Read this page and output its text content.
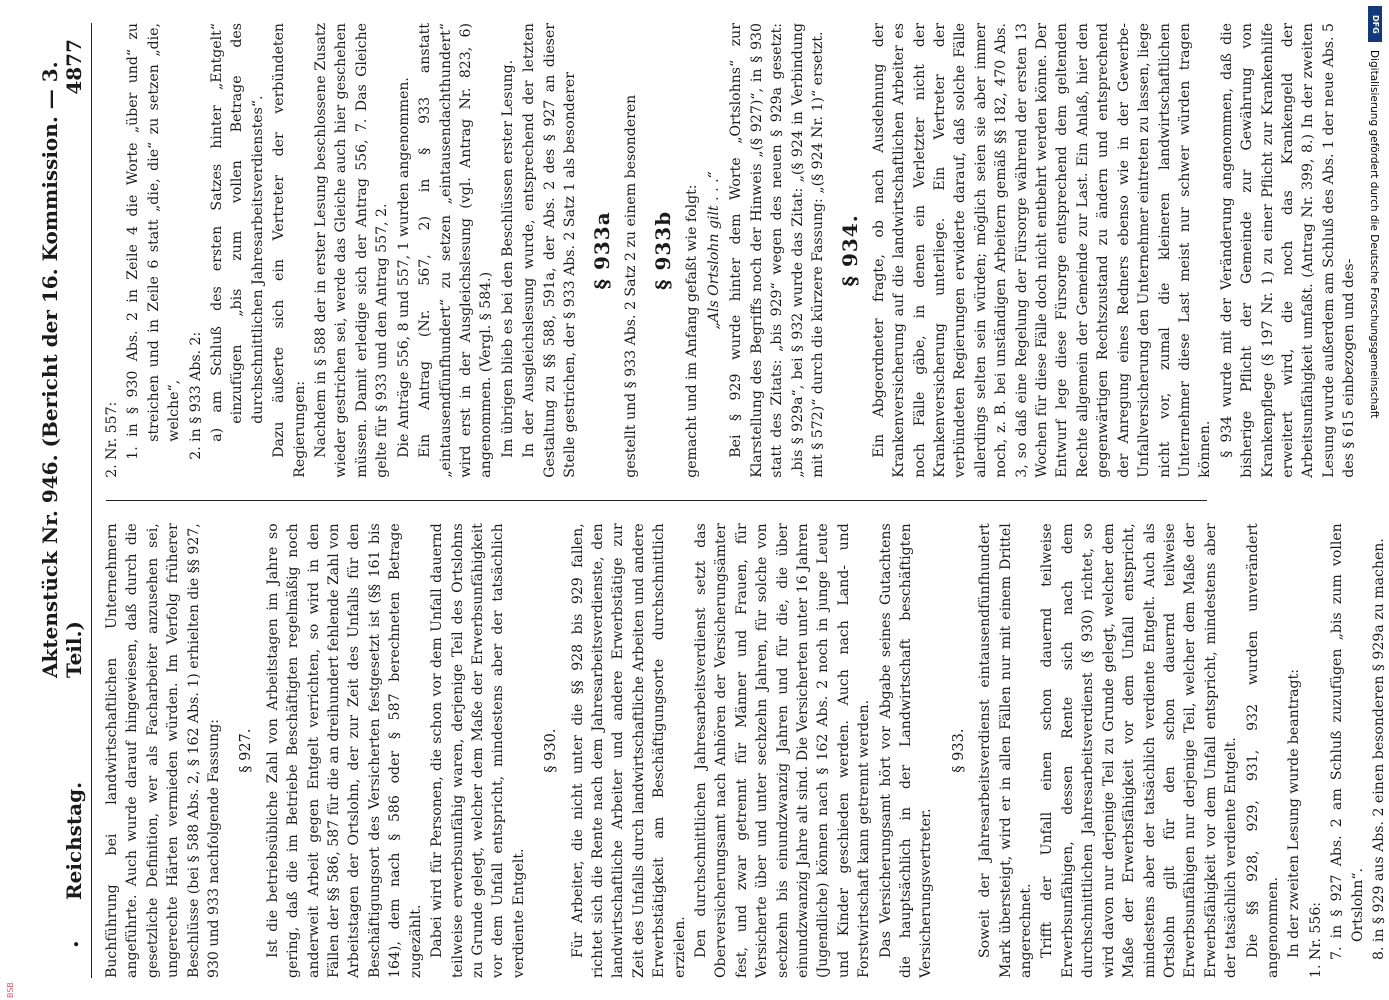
.
Reichstag.
Aktenstück Nr. 946. (Bericht der 16. Kommission. — 3. Teil.)
4877

Buchführung bei landwirtschaftlichen Unternehmern angeführte. Auch wurde darauf hingewiesen, daß durch die gesetzliche Definition, wer als Facharbeiter anzusehen sei, ungerechte Härten vermieden würden. Im Verfolg früherer Beschlüsse (bei § 588 Abs. 2, § 162 Abs. 1) erhielten die §§ 927, 930 und 933 nachfolgende Fassung: § 927. Ist die betriebsübliche Zahl von Arbeitstagen im Jahre so gering, daß die im Betriebe Beschäftigten regelmäßig noch anderweit Arbeit gegen Entgelt verrichten, so wird in den Fällen der §§ 586, 587 für die an dreihundert fehlende Zahl von Arbeitstagen der Ortslohn, der zur Zeit des Unfalls für den Beschäftigungsort des Versicherten festgesetzt ist (§§ 161 bis 164), dem nach § 586 oder § 587 berechneten Betrage zugezählt. Dabei wird für Personen, die schon vor dem Unfall dauernd teilweise erwerbsunfähig waren, derjenige Teil des Ortslohns zu Grunde gelegt, welcher dem Maße der Erwerbsunfähigkeit vor dem Unfall entspricht, mindestens aber der tatsächlich verdiente Entgelt.

§ 930. Für Arbeiter, die nicht unter die §§ 928 bis 929 fallen, richtet sich die Rente nach dem Jahresarbeitsverdienste, den landwirtschaftliche Arbeiter und andere Erwerbstätige zur Zeit des Unfalls durch landwirtschaftliche Arbeiten und andere Erwerbstätigkeit am Beschäftigungsorte durchschnittlich erzielen. Den durchschnittlichen Jahresarbeitsverdienst setzt das Oberversicherungsamt nach Anhören der Versicherungsämter fest, und zwar getrennt für Männer und Frauen, für Versicherte über und unter sechzehn Jahren, für solche von sechzehn bis einundzwanzig Jahren und für die, die über einundzwanzig Jahre alt sind. Die Versicherten unter 16 Jahren (Jugendliche) können nach § 162 Abs. 2 noch in junge Leute und Kinder geschieden werden. Auch nach Land- und Forstwirtschaft kann getrennt werden. Das Versicherungsamt hört vor Abgabe seines Gutachtens die hauptsächlich in der Landwirtschaft beschäftigten Versicherungsvertreter.

§ 933. Soweit der Jahresarbeitsverdienst eintausendfünfhundert Mark übersteigt, wird er in allen Fällen nur mit einem Drittel angerechnet. Trifft der Unfall einen schon dauernd teilweise Erwerbsunfähigen, dessen Rente sich nach dem durchschnittlichen Jahresarbeitsverdienst (§ 930) richtet, so wird davon nur derjenige Teil zu Grunde gelegt, welcher dem Maße der Erwerbsfähigkeit vor dem Unfall entspricht, mindestens aber der tatsächlich verdiente Entgelt. Auch als Ortslohn gilt für den schon dauernd teilweise Erwerbsunfähigen nur derjenige Teil, welcher dem Maße der Erwerbsfähigkeit vor dem Unfall entspricht, mindestens aber der tatsächlich verdiente Entgelt. Die §§ 928, 929, 931, 932 wurden unverändert angenommen. In der zweiten Lesung wurde beantragt: 1. Nr. 556: 7. in § 927 Abs. 2 am Schluß zuzufügen „bis zum vollen Ortslohn“. 8. in § 929 aus Abs. 2 einen besonderen § 929a zu machen.

2. Nr. 557: 1. in § 930 Abs. 2 in Zeile 4 die Worte „über und“ zu streichen und in Zeile 6 statt „die, die“ zu setzen „die, welche“, 2. in § 933 Abs. 2: a) am Schluß des ersten Satzes hinter „Entgelt“ einzufügen „bis zum vollen Betrage des durchschnittlichen Jahresarbeitsverdienstes“. Dazu äußerte sich ein Vertreter der verbündeten Regierungen: Nachdem in § 588 der in erster Lesung beschlossene Zusatz wieder gestrichen sei, werde das Gleiche auch hier geschehen müssen. Damit erledige sich der Antrag 556, 7. Das Gleiche gelte für § 933 und den Antrag 557, 2. Die Anträge 556, 8 und 557, 1 wurden angenommen. Ein Antrag (Nr. 567, 2) in § 933 anstatt „eintausendfünfhundert“ zu setzen „eintausendachthundert“ wird erst in der Ausgleichslesung (vgl. Antrag Nr. 823, 6) angenommen. (Vergl. § 584.) Im übrigen blieb es bei den Beschlüssen erster Lesung. In der Ausgleichslesung wurde, entsprechend der letzten Gestaltung zu §§ 588, 591a, der Abs. 2 des § 927 an dieser Stelle gestrichen, der § 933 Abs. 2 Satz 1 als besonderer § 933a gestellt und § 933 Abs. 2 Satz 2 zu einem besonderen § 933b gemacht und im Anfang gefaßt wie folgt: „Als Ortslohn gilt . . .“ Bei § 929 wurde hinter dem Worte „Ortslohns“ zur Klarstellung des Begriffs noch der Hinweis „(§ 927)“, in § 930 statt des Zitats: „bis 929“ wegen des neuen § 929a gesetzt: „bis § 929a“, bei § 932 wurde das Zitat: „(§ 924 in Verbindung mit § 572)“ durch die kürzere Fassung: „(§ 924 Nr. 1)“ ersetzt. § 934. Ein Abgeordneter fragte, ob nach Ausdehnung der Krankenversicherung auf die landwirtschaftlichen Arbeiter es noch Fälle gäbe, in denen ein Verletzter nicht der Krankenversicherung unterliege. Ein Vertreter der verbündeten Regierungen erwiderte darauf, daß solche Fälle allerdings selten sein würden; möglich seien sie aber immer noch, z. B. bei unständigen Arbeitern gemäß §§ 182, 470 Abs. 3, so daß eine Regelung der Fürsorge während der ersten 13 Wochen für diese Fälle doch nicht entbehrt werden könne. Der Entwurf lege diese Fürsorge entsprechend dem geltenden Rechte allgemein der Gemeinde zur Last. Ein Anlaß, hier den gegenwärtigen Rechtszustand zu ändern und entsprechend der Anregung eines Redners ebenso wie in der Gewerbe-Unfallversicherung den Unternehmer eintreten zu lassen, liege nicht vor, zumal die kleineren landwirtschaftlichen Unternehmer diese Last meist nur schwer würden tragen können. § 934 wurde mit der Veränderung angenommen, daß die bisherige Pflicht der Gemeinde zur Gewährung von Krankenpflege (§ 197 Nr. 1) zu einer Pflicht zur Krankenhilfe erweitert wird, die noch das Krankengeld der Arbeitsunfähigkeit umfaßt. (Antrag Nr. 399, 8.) In der zweiten Lesung wurde außerdem am Schluß des Abs. 1 der neue Abs. 5 des § 615 einbezogen und des-

DFG
Digitalisierung gefördert durch die Deutsche Forschungsgemeinschaft
BSB
